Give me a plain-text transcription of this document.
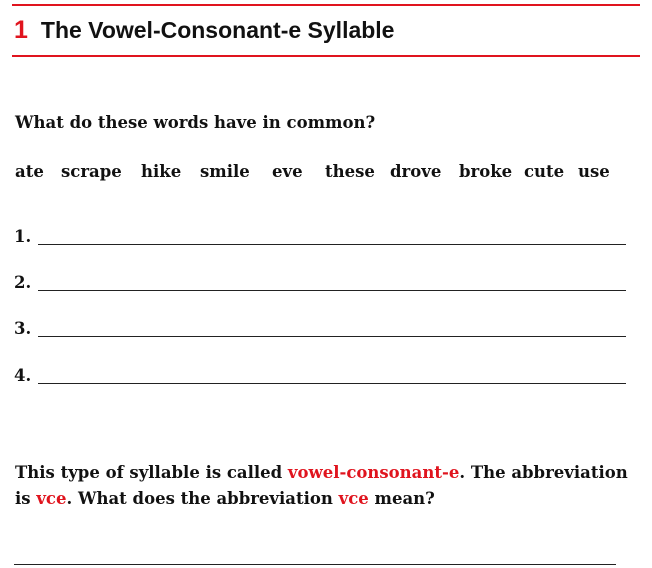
1 The Vowel-Consonant-e Syllable
What do these words have in common?
ate scrape hike smile eve these drove broke cute use
1.
2.
3.
4.
This type of syllable is called vowel-consonant-e. The abbreviation is vce. What does the abbreviation vce mean?
